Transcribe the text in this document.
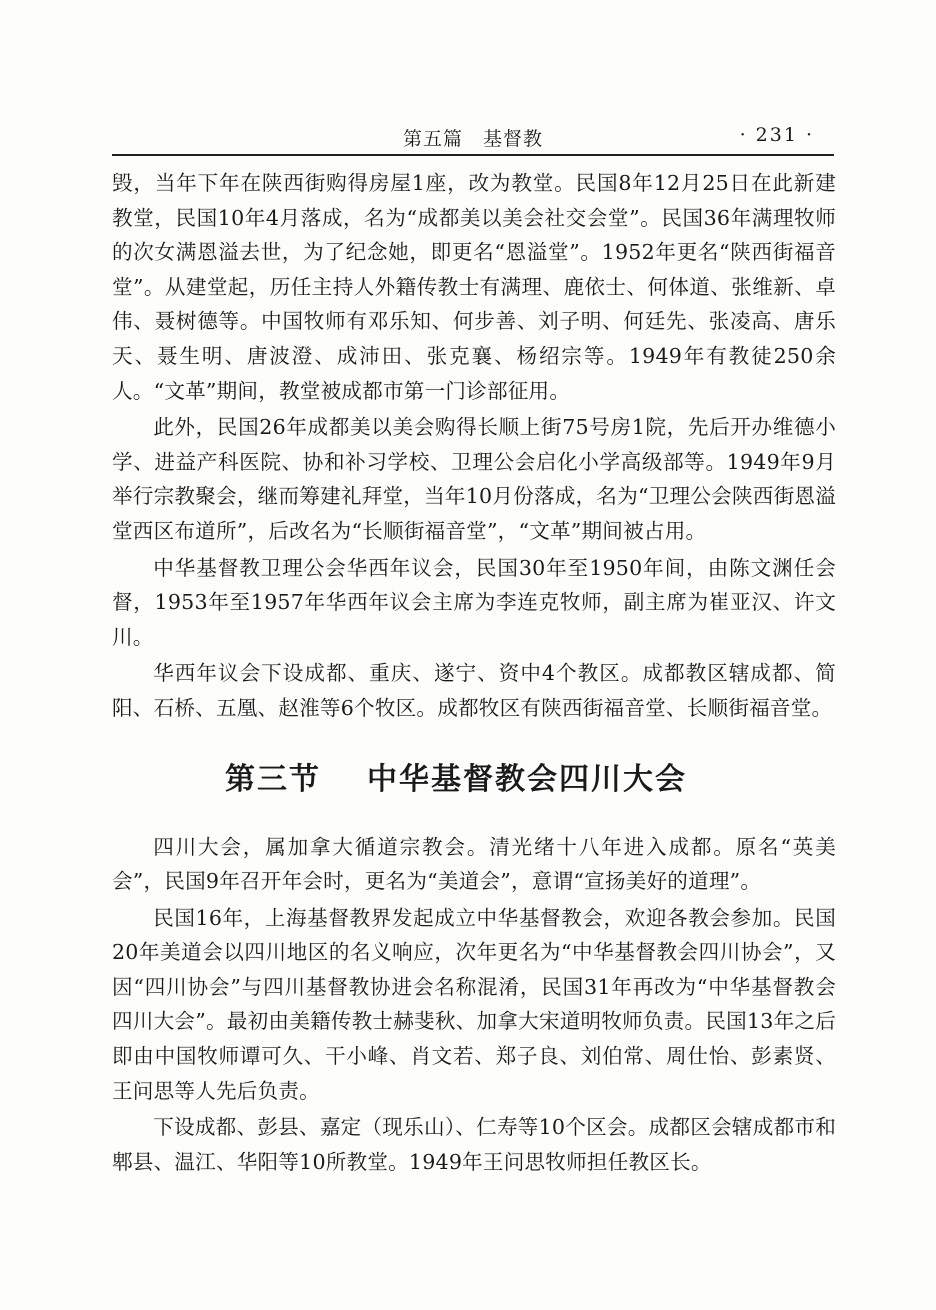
第五篇　基督教	· 231 ·

毁，当年下年在陕西街购得房屋1座，改为教堂。民国8年12月25日在此新建教堂，民国10年4月落成，名为“成都美以美会社交会堂”。民国36年满理牧师的次女满恩溢去世，为了纪念她，即更名“恩溢堂”。1952年更名“陕西街福音堂”。从建堂起，历任主持人外籍传教士有满理、鹿依士、何体道、张维新、卓伟、聂树德等。中国牧师有邓乐知、何步善、刘子明、何廷先、张凌高、唐乐天、聂生明、唐波澄、成沛田、张克襄、杨绍宗等。1949年有教徒250余人。“文革”期间，教堂被成都市第一门诊部征用。

此外，民国26年成都美以美会购得长顺上街75号房1院，先后开办维德小学、进益产科医院、协和补习学校、卫理公会启化小学高级部等。1949年9月举行宗教聚会，继而筹建礼拜堂，当年10月份落成，名为“卫理公会陕西街恩溢堂西区布道所”，后改名为“长顺街福音堂”，“文革”期间被占用。

中华基督教卫理公会华西年议会，民国30年至1950年间，由陈文渊任会督，1953年至1957年华西年议会主席为李连克牧师，副主席为崔亚汉、许文川。

华西年议会下设成都、重庆、遂宁、资中4个教区。成都教区辖成都、简阳、石桥、五凰、赵淮等6个牧区。成都牧区有陕西街福音堂、长顺街福音堂。

第三节 中华基督教会四川大会

四川大会，属加拿大循道宗教会。清光绪十八年进入成都。原名“英美会”，民国9年召开年会时，更名为“美道会”，意谓“宣扬美好的道理”。

民国16年，上海基督教界发起成立中华基督教会，欢迎各教会参加。民国20年美道会以四川地区的名义响应，次年更名为“中华基督教会四川协会”，又因“四川协会”与四川基督教协进会名称混淆，民国31年再改为“中华基督教会四川大会”。最初由美籍传教士赫斐秋、加拿大宋道明牧师负责。民国13年之后即由中国牧师谭可久、干小峰、肖文若、郑子良、刘伯常、周仕怡、彭素贤、王问思等人先后负责。

下设成都、彭县、嘉定（现乐山）、仁寿等10个区会。成都区会辖成都市和郫县、温江、华阳等10所教堂。1949年王问思牧师担任教区长。
